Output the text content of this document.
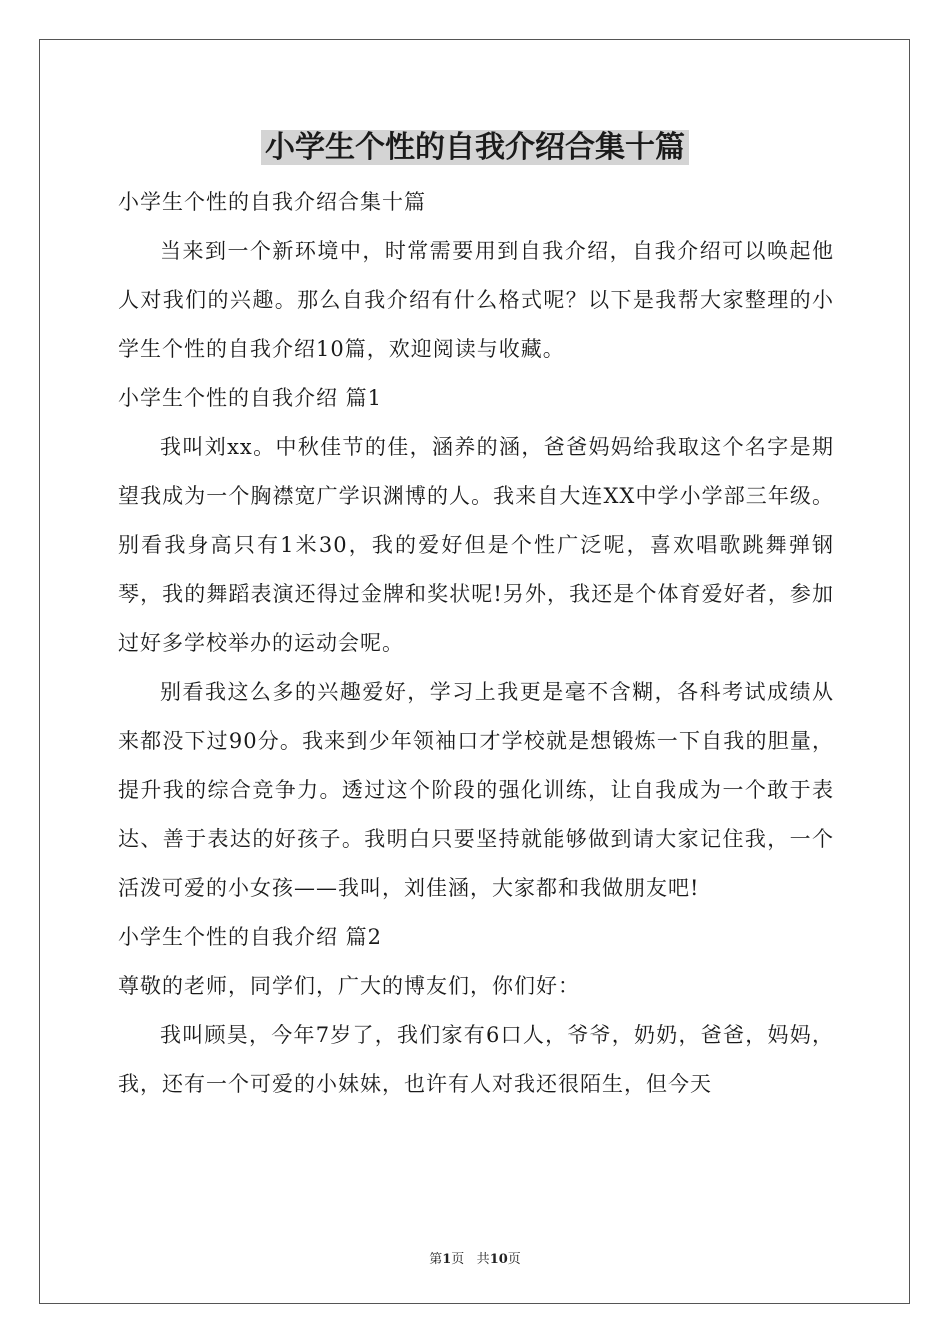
小学生个性的自我介绍合集十篇

小学生个性的自我介绍合集十篇

当来到一个新环境中，时常需要用到自我介绍，自我介绍可以唤起他人对我们的兴趣。那么自我介绍有什么格式呢？以下是我帮大家整理的小学生个性的自我介绍10篇，欢迎阅读与收藏。

小学生个性的自我介绍 篇1

我叫刘xx。中秋佳节的佳，涵养的涵，爸爸妈妈给我取这个名字是期望我成为一个胸襟宽广学识渊博的人。我来自大连XX中学小学部三年级。别看我身高只有1米30，我的爱好但是个性广泛呢，喜欢唱歌跳舞弹钢琴，我的舞蹈表演还得过金牌和奖状呢!另外，我还是个体育爱好者，参加过好多学校举办的运动会呢。

别看我这么多的兴趣爱好，学习上我更是毫不含糊，各科考试成绩从来都没下过90分。我来到少年领袖口才学校就是想锻炼一下自我的胆量，提升我的综合竞争力。透过这个阶段的强化训练，让自我成为一个敢于表达、善于表达的好孩子。我明白只要坚持就能够做到请大家记住我，一个活泼可爱的小女孩——我叫，刘佳涵，大家都和我做朋友吧!

小学生个性的自我介绍 篇2

尊敬的老师，同学们，广大的博友们，你们好：

我叫顾昊，今年7岁了，我们家有6口人，爷爷，奶奶，爸爸，妈妈，我，还有一个可爱的小妹妹，也许有人对我还很陌生，但今天

第1页 共10页
